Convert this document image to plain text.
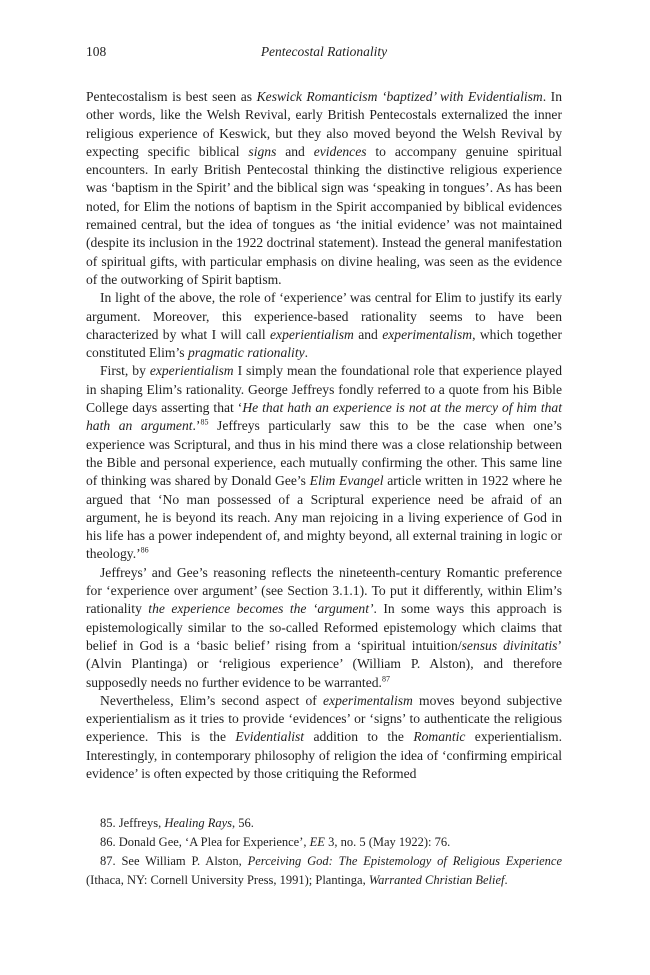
108	Pentecostal Rationality

Pentecostalism is best seen as Keswick Romanticism ‘baptized’ with Evidentialism. In other words, like the Welsh Revival, early British Pentecostals externalized the inner religious experience of Keswick, but they also moved beyond the Welsh Revival by expecting specific biblical signs and evidences to accompany genuine spiritual encounters. In early British Pentecostal thinking the distinctive religious experience was ‘baptism in the Spirit’ and the biblical sign was ‘speaking in tongues’. As has been noted, for Elim the notions of baptism in the Spirit accompanied by biblical evidences remained central, but the idea of tongues as ‘the initial evidence’ was not maintained (despite its inclusion in the 1922 doctrinal statement). Instead the general manifestation of spiritual gifts, with particular emphasis on divine healing, was seen as the evidence of the outworking of Spirit baptism.

In light of the above, the role of ‘experience’ was central for Elim to justify its early argument. Moreover, this experience-based rationality seems to have been characterized by what I will call experientialism and experimentalism, which together constituted Elim’s pragmatic rationality.

First, by experientialism I simply mean the foundational role that experience played in shaping Elim’s rationality. George Jeffreys fondly referred to a quote from his Bible College days asserting that ‘He that hath an experience is not at the mercy of him that hath an argument.’$^{85}$ Jeffreys particularly saw this to be the case when one’s experience was Scriptural, and thus in his mind there was a close relationship between the Bible and personal experience, each mutually confirming the other. This same line of thinking was shared by Donald Gee’s Elim Evangel article written in 1922 where he argued that ‘No man possessed of a Scriptural experience need be afraid of an argument, he is beyond its reach. Any man rejoicing in a living experience of God in his life has a power independent of, and mighty beyond, all external training in logic or theology.’$^{86}$

Jeffreys’ and Gee’s reasoning reflects the nineteenth-century Romantic preference for ‘experience over argument’ (see Section 3.1.1). To put it differently, within Elim’s rationality the experience becomes the ‘argument’. In some ways this approach is epistemologically similar to the so-called Reformed epistemology which claims that belief in God is a ‘basic belief’ rising from a ‘spiritual intuition/sensus divinitatis’ (Alvin Plantinga) or ‘religious experience’ (William P. Alston), and therefore supposedly needs no further evidence to be warranted.$^{87}$

Nevertheless, Elim’s second aspect of experimentalism moves beyond subjective experientialism as it tries to provide ‘evidences’ or ‘signs’ to authenticate the religious experience. This is the Evidentialist addition to the Romantic experientialism. Interestingly, in contemporary philosophy of religion the idea of ‘confirming empirical evidence’ is often expected by those critiquing the Reformed

85. Jeffreys, Healing Rays, 56.

86. Donald Gee, ‘A Plea for Experience’, EE 3, no. 5 (May 1922): 76.

87. See William P. Alston, Perceiving God: The Epistemology of Religious Experience (Ithaca, NY: Cornell University Press, 1991); Plantinga, Warranted Christian Belief.
